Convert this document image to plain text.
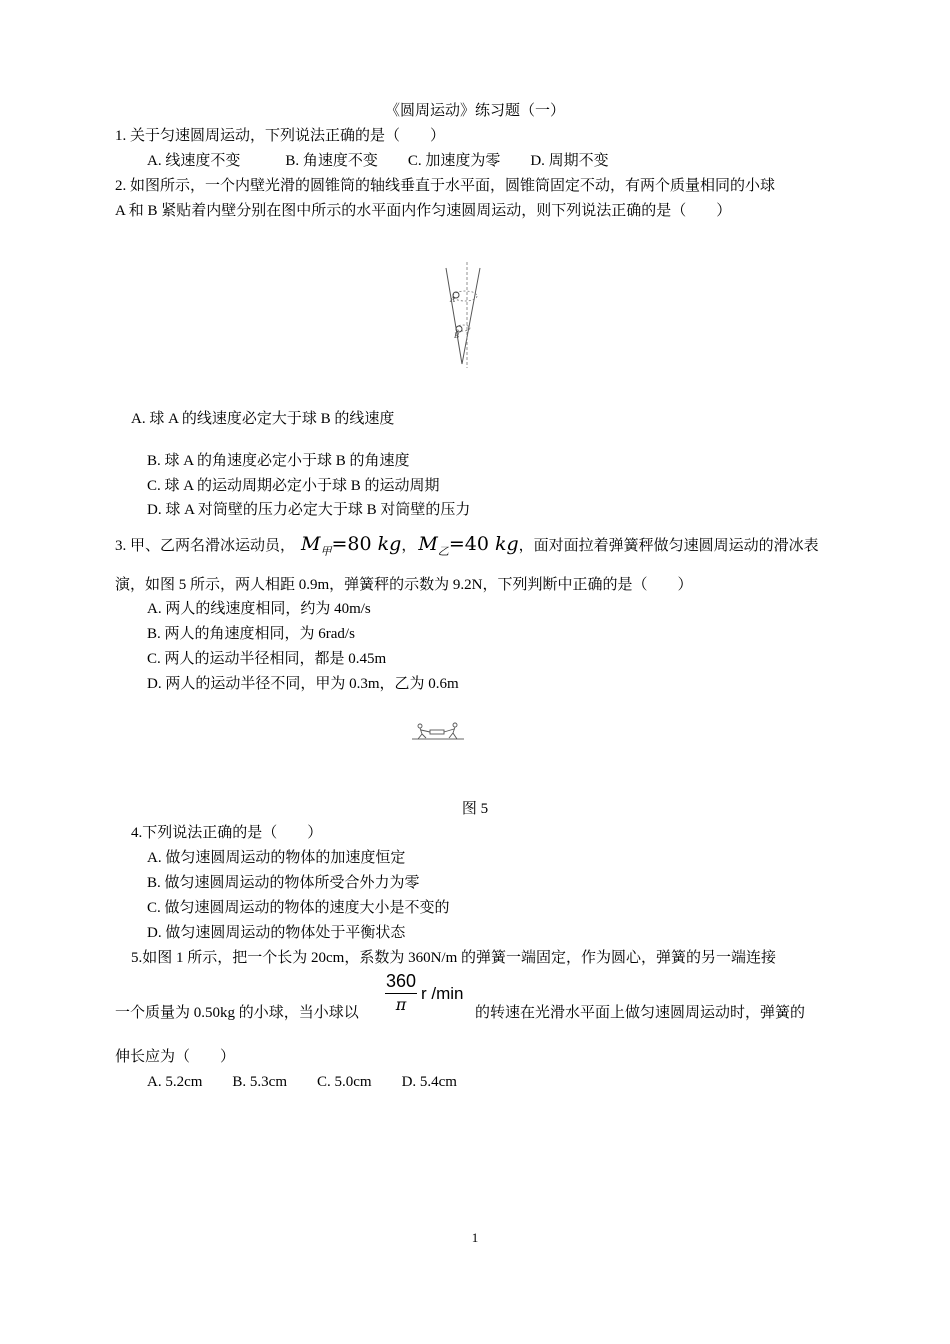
《圆周运动》练习题（一）
1. 关于匀速圆周运动，下列说法正确的是（　　）
A. 线速度不变　　　B. 角速度不变　　C. 加速度为零　　D. 周期不变
2. 如图所示，一个内壁光滑的圆锥筒的轴线垂直于水平面，圆锥筒固定不动，有两个质量相同的小球
A 和 B 紧贴着内壁分别在图中所示的水平面内作匀速圆周运动，则下列说法正确的是（　　）
A
B
A. 球 A 的线速度必定大于球 B 的线速度
B. 球 A 的角速度必定小于球 B 的角速度
C. 球 A 的运动周期必定小于球 B 的运动周期
D. 球 A 对筒壁的压力必定大于球 B 对筒壁的压力
3. 甲、乙两名滑冰运动员， $M_甲=80$ kg， $M_乙=40$ kg，面对面拉着弹簧秤做匀速圆周运动的滑冰表
演，如图 5 所示，两人相距 0.9m，弹簧秤的示数为 9.2N，下列判断中正确的是（　　）
A. 两人的线速度相同，约为 40m/s
B. 两人的角速度相同，为 6rad/s
C. 两人的运动半径相同，都是 0.45m
D. 两人的运动半径不同，甲为 0.3m，乙为 0.6m
图 5
4.下列说法正确的是（　　）
A. 做匀速圆周运动的物体的加速度恒定
B. 做匀速圆周运动的物体所受合外力为零
C. 做匀速圆周运动的物体的速度大小是不变的
D. 做匀速圆周运动的物体处于平衡状态
5.如图 1 所示，把一个长为 20cm，系数为 360N/m 的弹簧一端固定，作为圆心，弹簧的另一端连接
一个质量为 0.50kg 的小球，当小球以
360
π
r /min
的转速在光滑水平面上做匀速圆周运动时，弹簧的
伸长应为（　　）
A. 5.2cm　　B. 5.3cm　　C. 5.0cm　　D. 5.4cm
1
